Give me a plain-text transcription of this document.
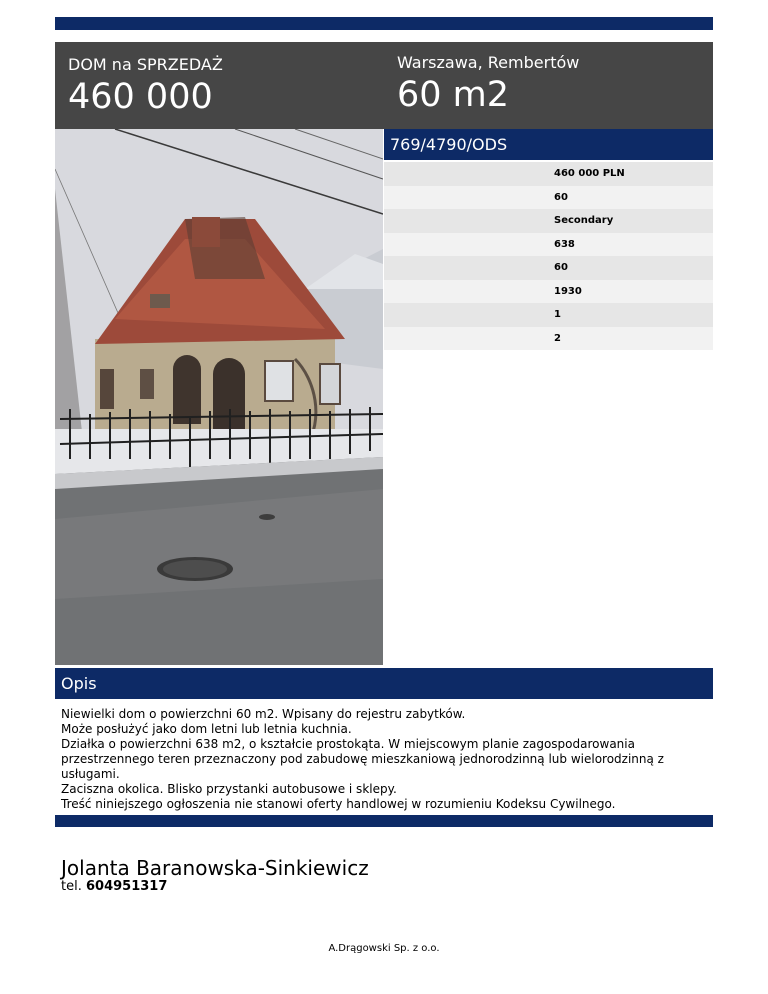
DOM na SPRZEDAŻ
460 000
Warszawa, Rembertów
60 m2
769/4790/ODS
460 000 PLN
60
Secondary
638
60
1930
1
2
Opis
Niewielki dom o powierzchni 60 m2. Wpisany do rejestru zabytków.
Może posłużyć jako dom letni lub letnia kuchnia.
Działka o powierzchni 638 m2, o kształcie prostokąta. W miejscowym planie zagospodarowania przestrzennego teren przeznaczony pod zabudowę mieszkaniową jednorodzinną lub wielorodzinną z usługami.
Zaciszna okolica. Blisko przystanki autobusowe i sklepy.
Treść niniejszego ogłoszenia nie stanowi oferty handlowej w rozumieniu Kodeksu Cywilnego.
Jolanta Baranowska-Sinkiewicz
tel. 604951317
A.Drągowski Sp. z o.o.
